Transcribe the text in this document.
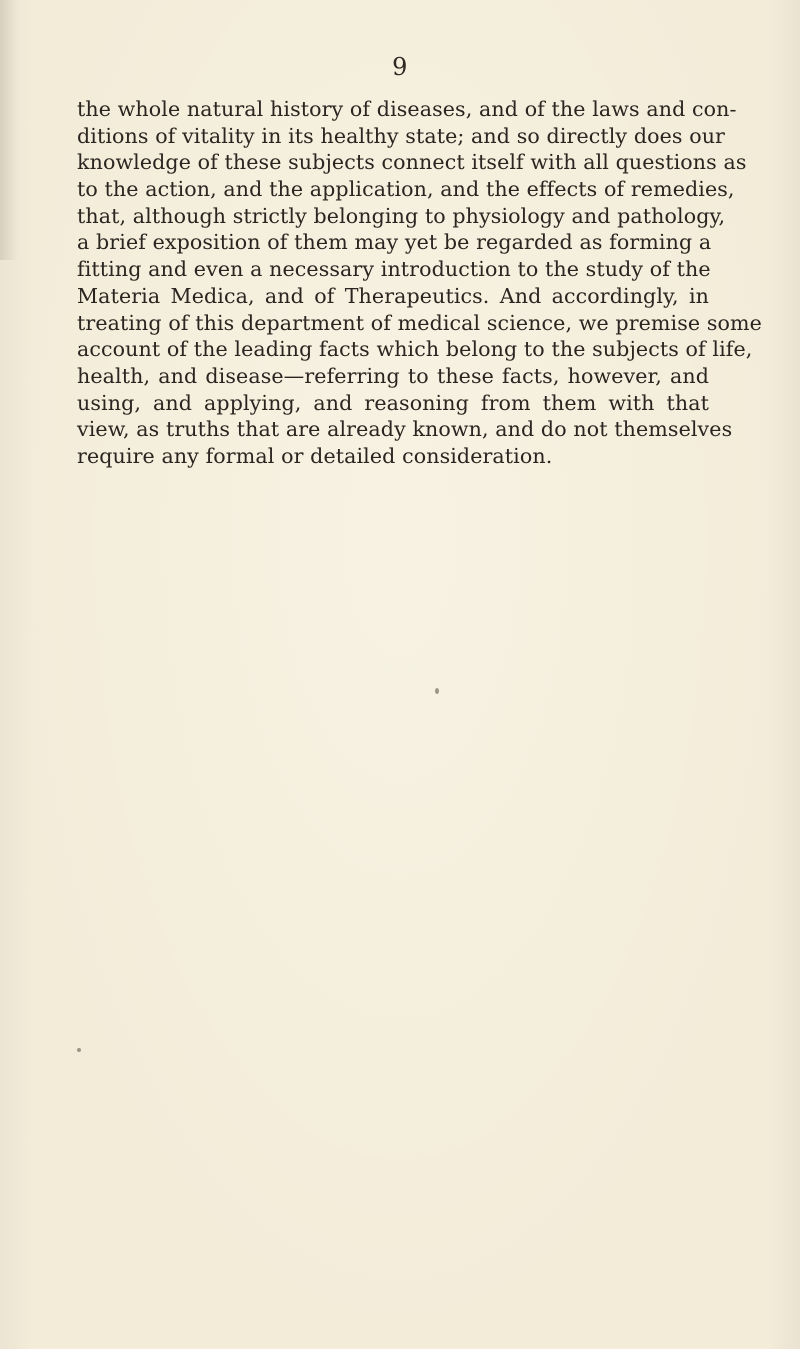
9
the whole natural history of diseases, and of the laws and con-
ditions of vitality in its healthy state; and so directly does our
knowledge of these subjects connect itself with all questions as
to the action, and the application, and the effects of remedies,
that, although strictly belonging to physiology and pathology,
a brief exposition of them may yet be regarded as forming a
fitting and even a necessary introduction to the study of the
Materia Medica, and of Therapeutics. And accordingly, in
treating of this department of medical science, we premise some
account of the leading facts which belong to the subjects of life,
health, and disease—referring to these facts, however, and
using, and applying, and reasoning from them with that
view, as truths that are already known, and do not themselves
require any formal or detailed consideration.
